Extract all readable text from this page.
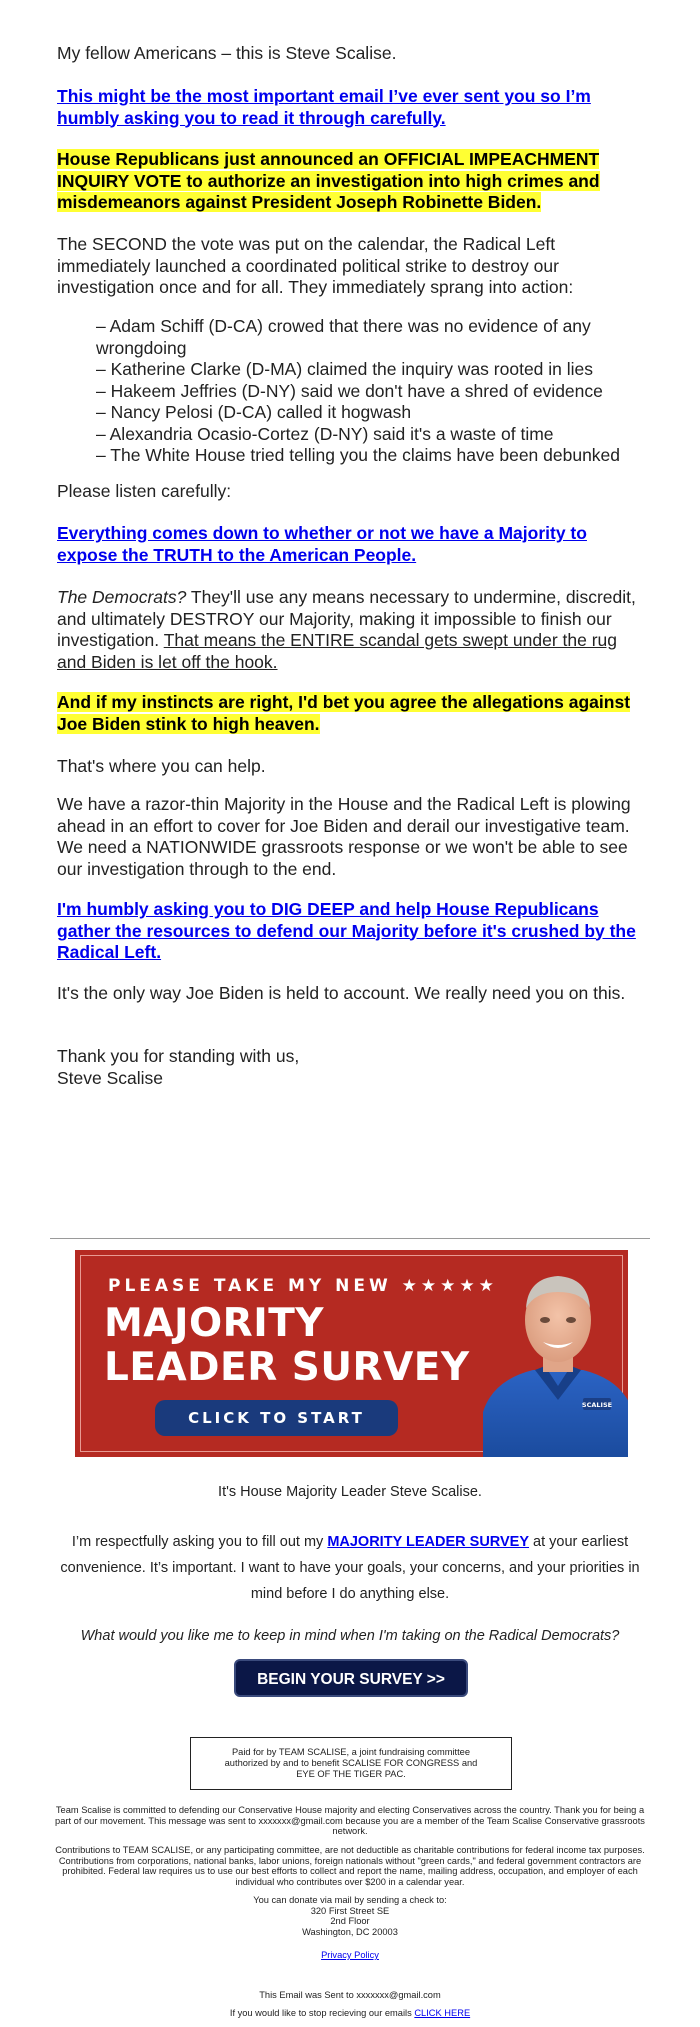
My fellow Americans – this is Steve Scalise.

This might be the most important email I’ve ever sent you so I’m humbly asking you to read it through carefully.

House Republicans just announced an OFFICIAL IMPEACHMENT INQUIRY VOTE to authorize an investigation into high crimes and misdemeanors against President Joseph Robinette Biden.

The SECOND the vote was put on the calendar, the Radical Left immediately launched a coordinated political strike to destroy our investigation once and for all. They immediately sprang into action:

– Adam Schiff (D-CA) crowed that there was no evidence of any wrongdoing
– Katherine Clarke (D-MA) claimed the inquiry was rooted in lies
– Hakeem Jeffries (D-NY) said we don't have a shred of evidence
– Nancy Pelosi (D-CA) called it hogwash
– Alexandria Ocasio-Cortez (D-NY) said it's a waste of time
– The White House tried telling you the claims have been debunked

Please listen carefully:

Everything comes down to whether or not we have a Majority to expose the TRUTH to the American People.

The Democrats? They'll use any means necessary to undermine, discredit, and ultimately DESTROY our Majority, making it impossible to finish our investigation. That means the ENTIRE scandal gets swept under the rug and Biden is let off the hook.

And if my instincts are right, I'd bet you agree the allegations against Joe Biden stink to high heaven.

That's where you can help.

We have a razor-thin Majority in the House and the Radical Left is plowing ahead in an effort to cover for Joe Biden and derail our investigative team. We need a NATIONWIDE grassroots response or we won't be able to see our investigation through to the end.

I'm humbly asking you to DIG DEEP and help House Republicans gather the resources to defend our Majority before it's crushed by the Radical Left.

It's the only way Joe Biden is held to account. We really need you on this.

Thank you for standing with us,
Steve Scalise

PLEASE TAKE MY NEW ★★★★★
MAJORITY
LEADER SURVEY
CLICK TO START
SCALISE

It's House Majority Leader Steve Scalise.

I’m respectfully asking you to fill out my MAJORITY LEADER SURVEY at your earliest convenience. It’s important. I want to have your goals, your concerns, and your priorities in mind before I do anything else.

What would you like me to keep in mind when I'm taking on the Radical Democrats?

BEGIN YOUR SURVEY >>
Paid for by TEAM SCALISE, a joint fundraising committee authorized by and to benefit SCALISE FOR CONGRESS and EYE OF THE TIGER PAC.

Team Scalise is committed to defending our Conservative House majority and electing Conservatives across the country. Thank you for being a part of our movement. This message was sent to xxxxxxx@gmail.com because you are a member of the Team Scalise Conservative grassroots network.

Contributions to TEAM SCALISE, or any participating committee, are not deductible as charitable contributions for federal income tax purposes. Contributions from corporations, national banks, labor unions, foreign nationals without "green cards," and federal government contractors are prohibited. Federal law requires us to use our best efforts to collect and report the name, mailing address, occupation, and employer of each individual who contributes over $200 in a calendar year.

You can donate via mail by sending a check to:
320 First Street SE
2nd Floor
Washington, DC 20003

Privacy Policy

This Email was Sent to xxxxxxx@gmail.com

If you would like to stop recieving our emails CLICK HERE
